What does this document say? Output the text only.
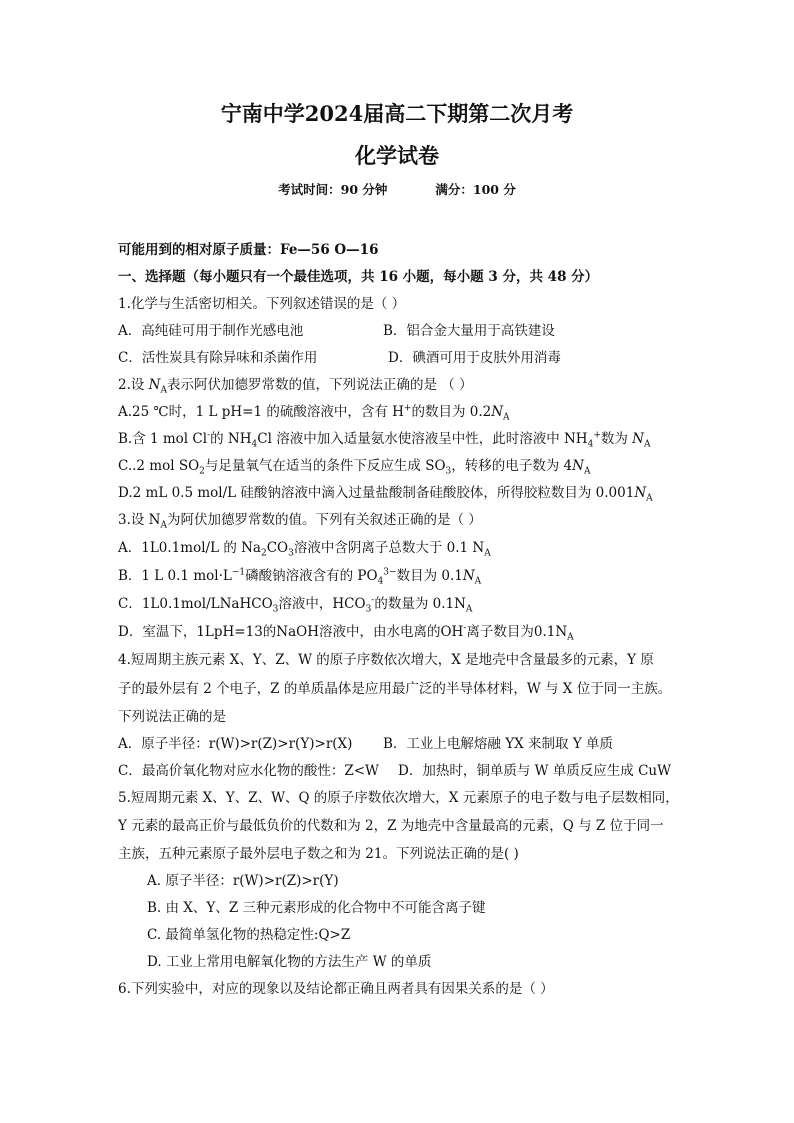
宁南中学2024届高二下期第二次月考
化学试卷
考试时间：90 分钟	满分：100 分
可能用到的相对原子质量：Fe—56 O—16
一、选择题（每小题只有一个最佳选项，共 16 小题，每小题 3 分，共 48 分）
1.化学与生活密切相关。下列叙述错误的是（ ）
A．高纯硅可用于制作光感电池	B．铝合金大量用于高铁建设
C．活性炭具有除异味和杀菌作用	D．碘酒可用于皮肤外用消毒
2.设 $N_A$表示阿伏加德罗常数的值，下列说法正确的是 （ ）
A.25 ℃时，1 L pH=1 的硫酸溶液中，含有 H+的数目为 $0.2N_A$
B.含 1 mol Cl-的 $NH_4Cl$ 溶液中加入适量氨水使溶液呈中性，此时溶液中 $NH_4^+$数为 $N_A$
C..2 mol $SO_2$与足量氧气在适当的条件下反应生成 $SO_3$，转移的电子数为 $4N_A$
D.2 mL 0.5 mol/L 硅酸钠溶液中滴入过量盐酸制备硅酸胶体，所得胶粒数目为 $0.001N_A$
3.设 $N_A$为阿伏加德罗常数的值。下列有关叙述正确的是（ ）
A．1L0.1mol/L 的 $Na_2CO_3$溶液中含阴离子总数大于 0.1 $N_A$
B．1 L 0.1 $mol\cdot L^{-1}$磷酸钠溶液含有的 $PO_4^{3-}$数目为 $0.1N_A$
C．1L0.1mol/LNaHCO$_3$溶液中，$HCO_3^-$的数量为 $0.1N_A$
D．室温下，1LpH=13的NaOH溶液中，由水电离的OH-离子数目为$0.1N_A$
4.短周期主族元素 X、Y、Z、W 的原子序数依次增大，X 是地壳中含量最多的元素，Y 原
子的最外层有 2 个电子，Z 的单质晶体是应用最广泛的半导体材料，W 与 X 位于同一主族。
下列说法正确的是
A．原子半径：r(W)>r(Z)>r(Y)>r(X) B．工业上电解熔融 YX 来制取 Y 单质
C．最高价氧化物对应水化物的酸性：Z<W D．加热时，铜单质与 W 单质反应生成 CuW
5.短周期元素 X、Y、Z、W、Q 的原子序数依次增大，X 元素原子的电子数与电子层数相同，
Y 元素的最高正价与最低负价的代数和为 2，Z 为地壳中含量最高的元素，Q 与 Z 位于同一
主族，五种元素原子最外层电子数之和为 21。下列说法正确的是( )
A. 原子半径：r(W)>r(Z)>r(Y)
B. 由 X、Y、Z 三种元素形成的化合物中不可能含离子键
C. 最简单氢化物的热稳定性:Q>Z
D. 工业上常用电解氧化物的方法生产 W 的单质
6.下列实验中，对应的现象以及结论都正确且两者具有因果关系的是（ ）
